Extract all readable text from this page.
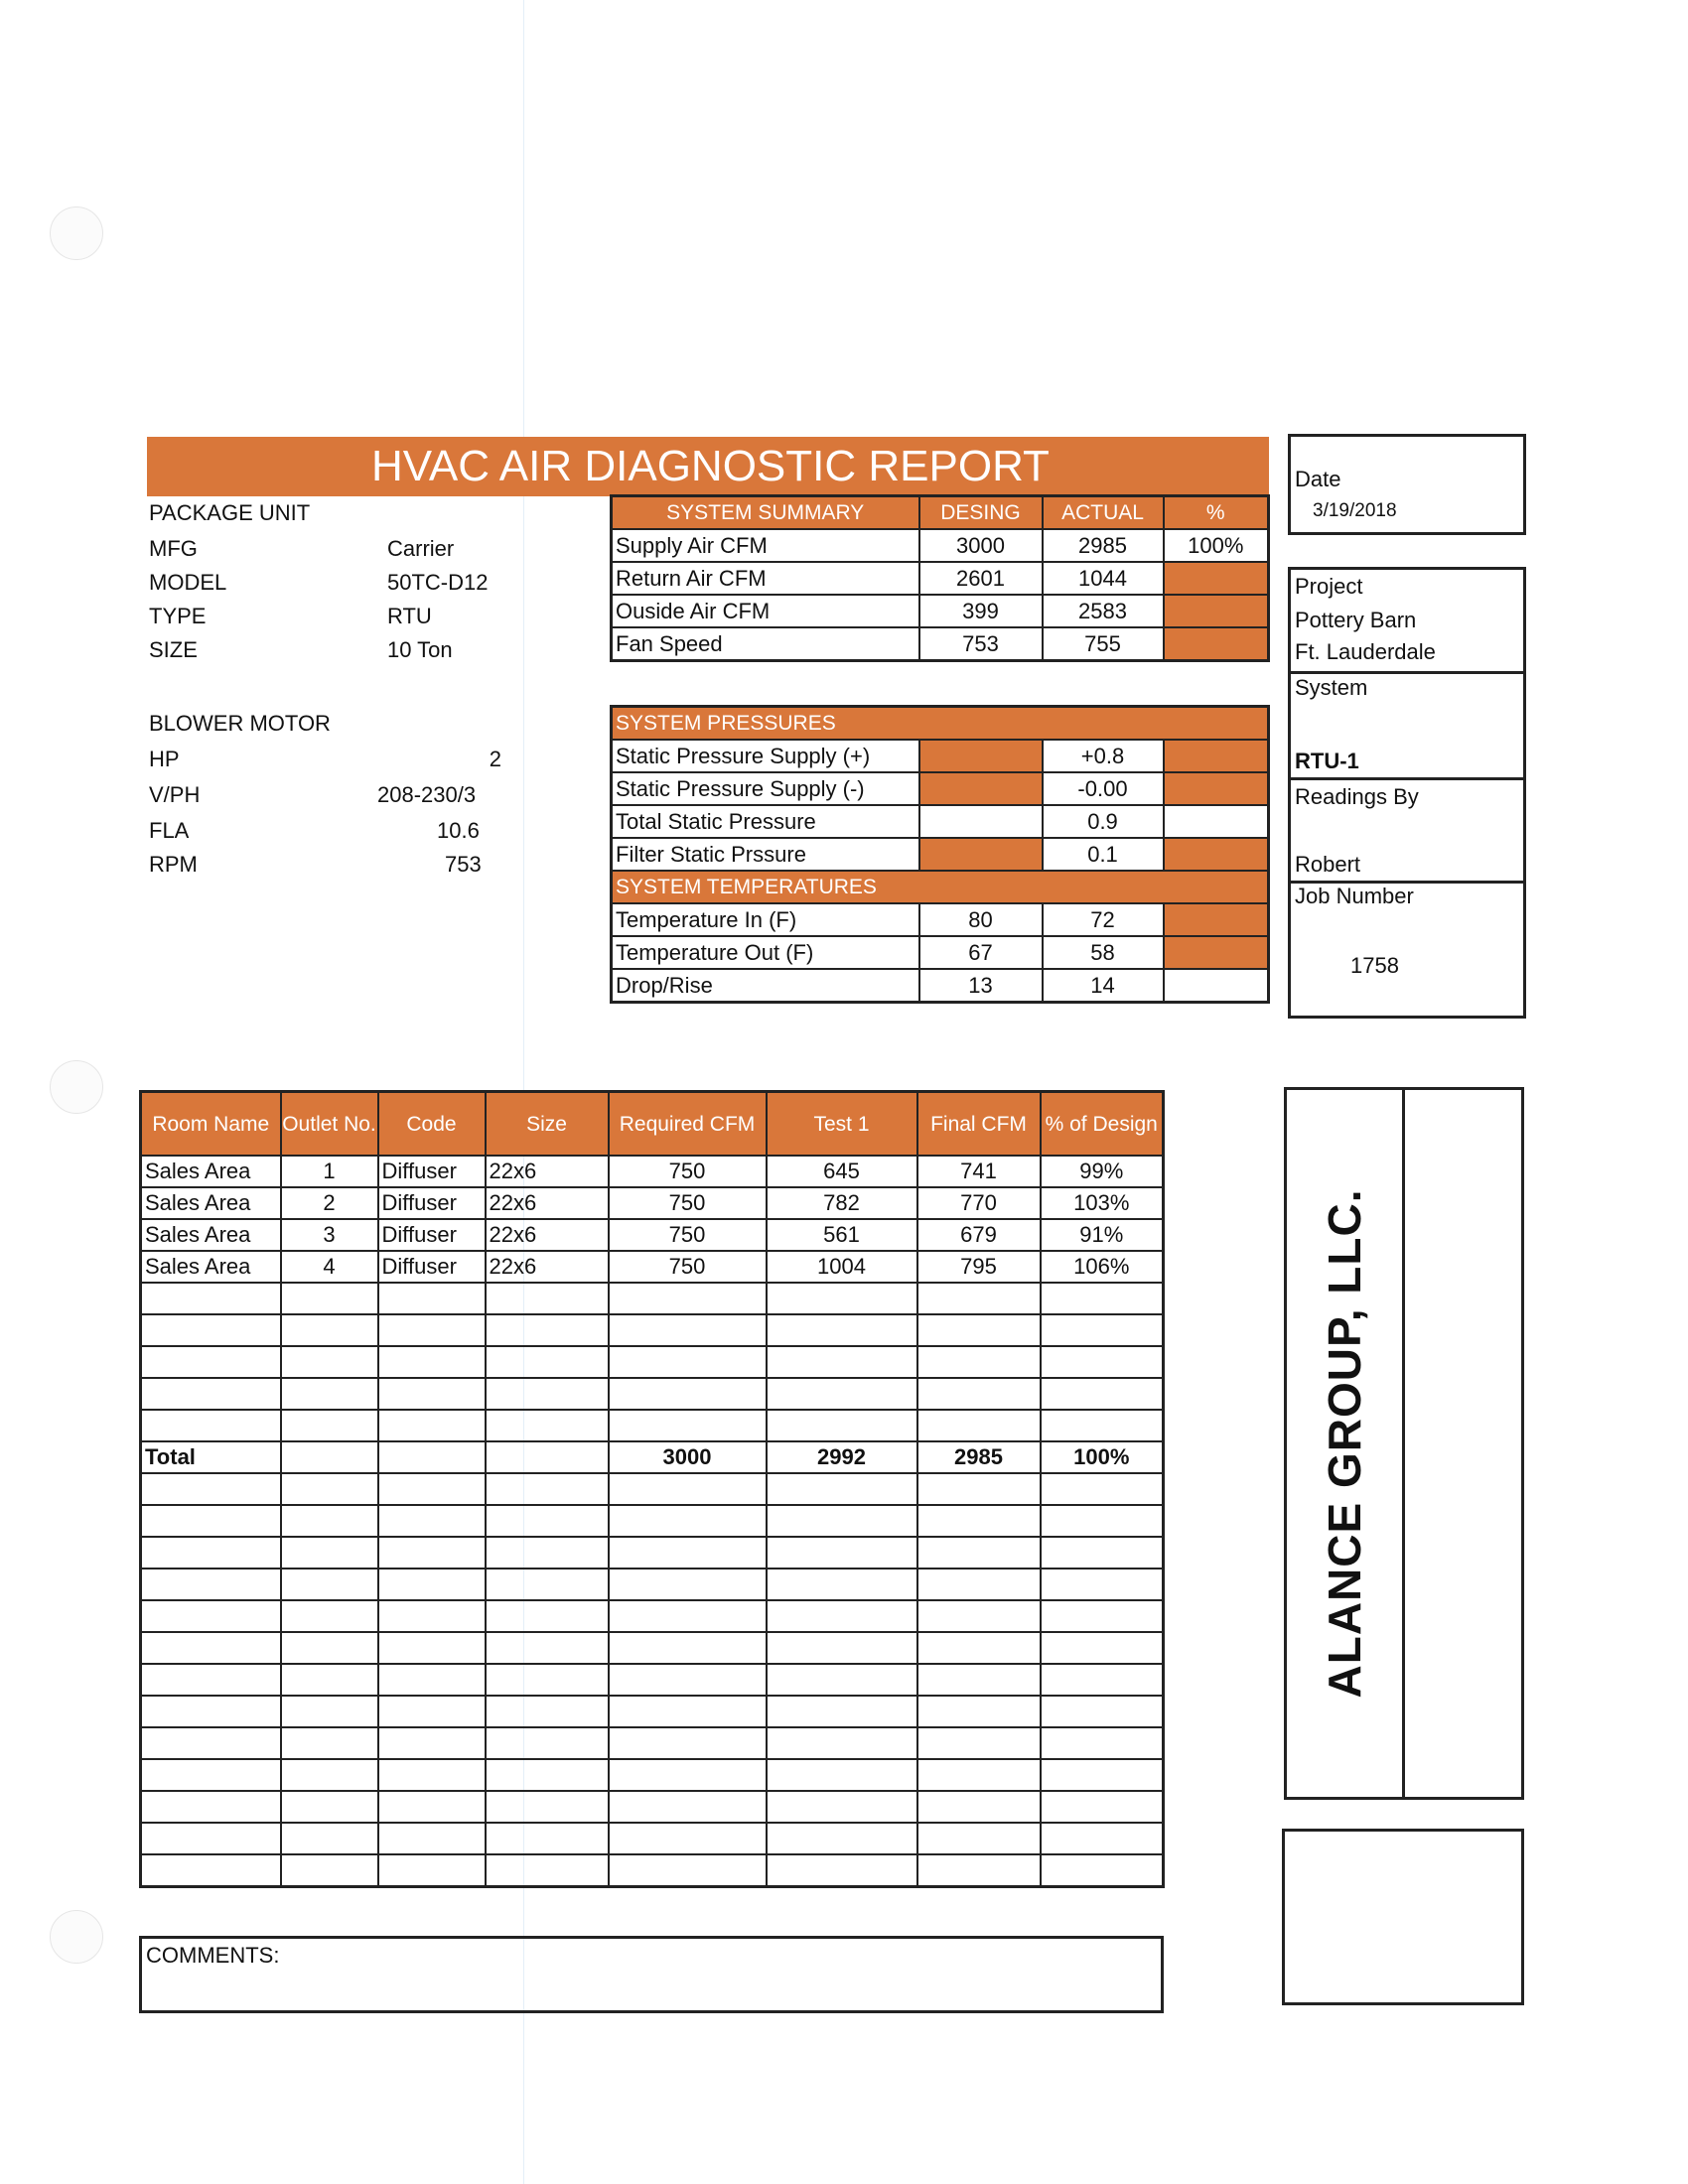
HVAC AIR DIAGNOSTIC REPORT
PACKAGE UNIT
MFG	Carrier
MODEL	50TC-D12
TYPE	RTU
SIZE	10 Ton
BLOWER MOTOR
HP	2
V/PH	208-230/3
FLA	10.6
RPM	753
SYSTEM SUMMARY	DESING	ACTUAL	%
Supply Air CFM	3000	2985	100%
Return Air CFM	2601	1044	
Ouside Air CFM	399	2583	
Fan Speed	753	755	
SYSTEM PRESSURES			
Static Pressure Supply (+)		+0.8	
Static Pressure Supply (-)		-0.00	
Total Static Pressure		0.9	
Filter Static Prssure		0.1	
SYSTEM TEMPERATURES			
Temperature In (F)	80	72	
Temperature Out (F)	67	58	
Drop/Rise	13	14	
Date
3/19/2018
Project
Pottery Barn
Ft. Lauderdale
System
RTU-1
Readings By
Robert
Job Number
1758
Room Name	Outlet No.	Code	Size	Required CFM	Test 1	Final CFM	% of Design
Sales Area	1	Diffuser	22x6	750	645	741	99%
Sales Area	2	Diffuser	22x6	750	782	770	103%
Sales Area	3	Diffuser	22x6	750	561	679	91%
Sales Area	4	Diffuser	22x6	750	1004	795	106%

Total				3000	2992	2985	100%

COMMENTS:
ALANCE GROUP, LLC.
